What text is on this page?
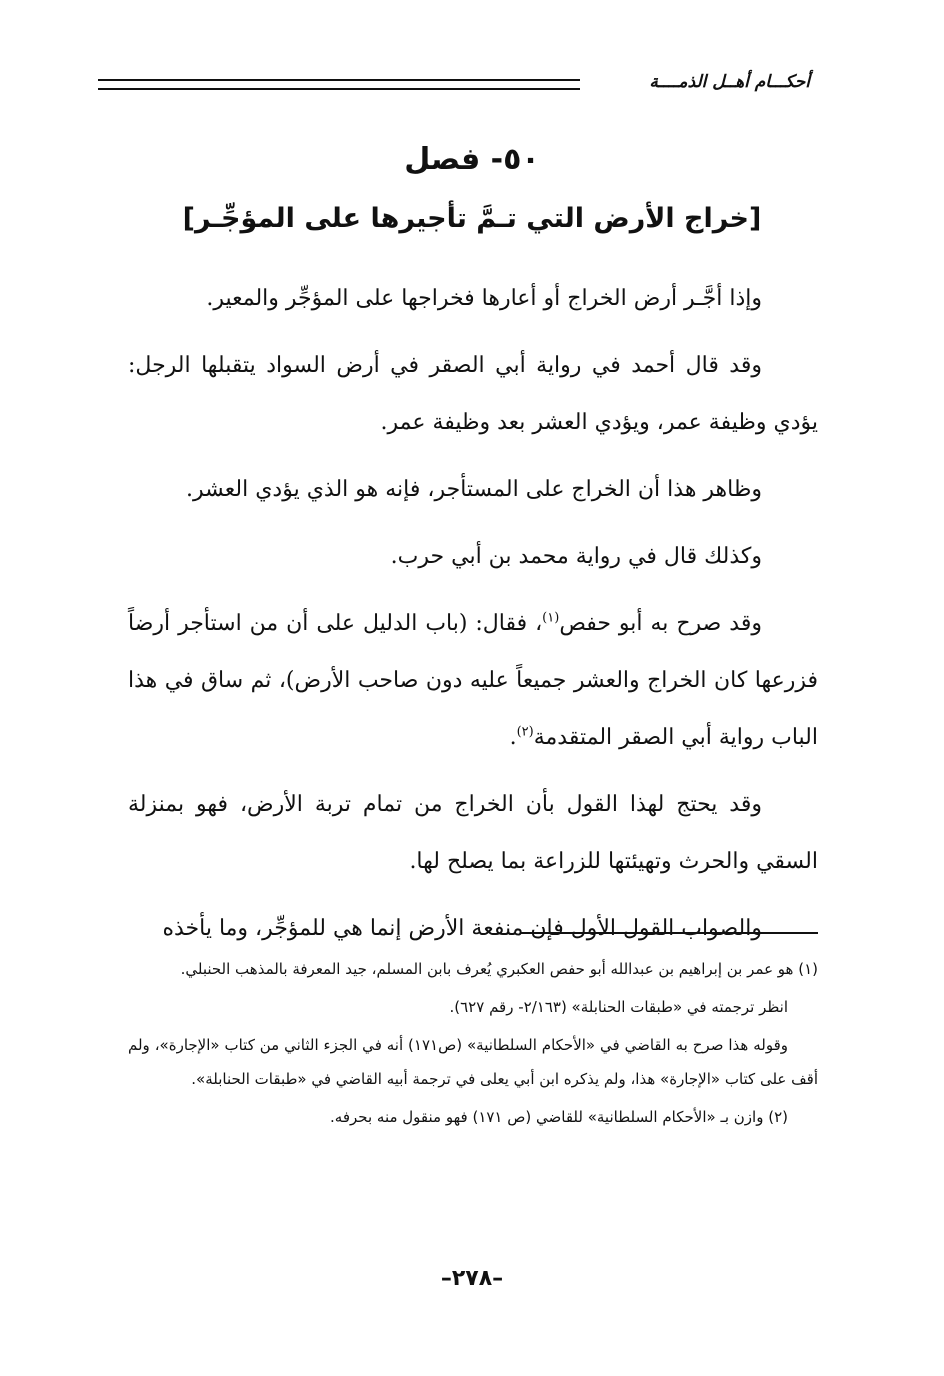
أحكـــام أهــل الذمــــة
٥٠- فصل
[خراج الأرض التي تـمَّ تأجيرها على المؤجِّـر]

وإذا أجَّـر أرض الخراج أو أعارها فخراجها على المؤجِّر والمعير.

وقد قال أحمد في رواية أبي الصقر في أرض السواد يتقبلها الرجل: يؤدي وظيفة عمر، ويؤدي العشر بعد وظيفة عمر.

وظاهر هذا أن الخراج على المستأجر، فإنه هو الذي يؤدي العشر.

وكذلك قال في رواية محمد بن أبي حرب.

وقد صرح به أبو حفص$^{(١)}$، فقال: (باب الدليل على أن من استأجر أرضاً فزرعها كان الخراج والعشر جميعاً عليه دون صاحب الأرض)، ثم ساق في هذا الباب رواية أبي الصقر المتقدمة$^{(٢)}$.

وقد يحتج لهذا القول بأن الخراج من تمام تربة الأرض، فهو بمنزلة السقي والحرث وتهيئتها للزراعة بما يصلح لها.

والصواب القول الأول فإن منفعة الأرض إنما هي للمؤجِّر، وما يأخذه

(١) هو عمر بن إبراهيم بن عبدالله أبو حفص العكبري يُعرف بابن المسلم، جيد المعرفة بالمذهب الحنبلي.

انظر ترجمته في «طبقات الحنابلة» (٢/١٦٣- رقم ٦٢٧).

وقوله هذا صرح به القاضي في «الأحكام السلطانية» (ص١٧١) أنه في الجزء الثاني من كتاب «الإجارة»، ولم أقف على كتاب «الإجارة» هذا، ولم يذكره ابن أبي يعلى في ترجمة أبيه القاضي في «طبقات الحنابلة».

(٢) وازن بـ «الأحكام السلطانية» للقاضي (ص ١٧١) فهو منقول منه بحرفه.

–٢٧٨–
